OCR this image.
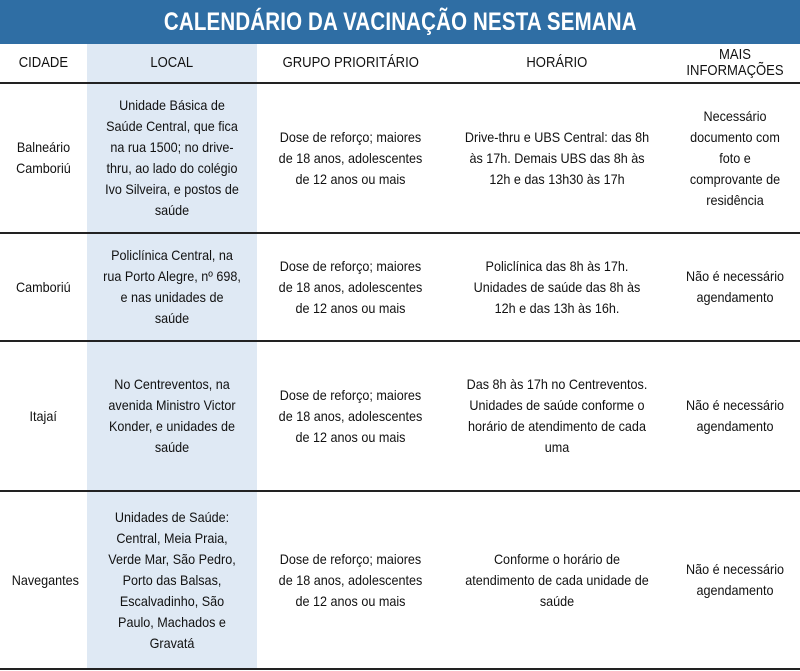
CALENDÁRIO DA VACINAÇÃO NESTA SEMANA
CIDADE	LOCAL	GRUPO PRIORITÁRIO	HORÁRIO	MAIS INFORMAÇÕES
Balneário Camboriú	Unidade Básica de Saúde Central, que fica na rua 1500; no drive-thru, ao lado do colégio Ivo Silveira, e postos de saúde	Dose de reforço; maiores de 18 anos, adolescentes de 12 anos ou mais	Drive-thru e UBS Central: das 8h às 17h. Demais UBS das 8h às 12h e das 13h30 às 17h	Necessário documento com foto e comprovante de residência
Camboriú	Policlínica Central, na rua Porto Alegre, nº 698, e nas unidades de saúde	Dose de reforço; maiores de 18 anos, adolescentes de 12 anos ou mais	Policlínica das 8h às 17h. Unidades de saúde das 8h às 12h e das 13h às 16h.	Não é necessário agendamento
Itajaí	No Centreventos, na avenida Ministro Victor Konder, e unidades de saúde	Dose de reforço; maiores de 18 anos, adolescentes de 12 anos ou mais	Das 8h às 17h no Centreventos. Unidades de saúde conforme o horário de atendimento de cada uma	Não é necessário agendamento
Navegantes	Unidades de Saúde: Central, Meia Praia, Verde Mar, São Pedro, Porto das Balsas, Escalvadinho, São Paulo, Machados e Gravatá	Dose de reforço; maiores de 18 anos, adolescentes de 12 anos ou mais	Conforme o horário de atendimento de cada unidade de saúde	Não é necessário agendamento
